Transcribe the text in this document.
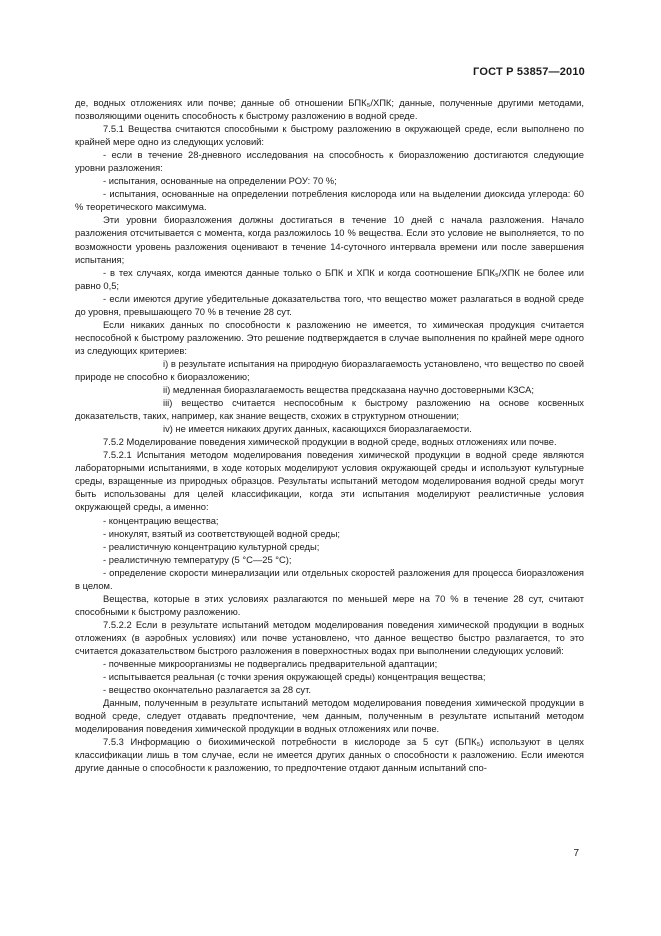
ГОСТ Р 53857—2010

де, водных отложениях или почве; данные об отношении БПК₅/ХПК; данные, полученные другими методами, позволяющими оценить способность к быстрому разложению в водной среде.

7.5.1 Вещества считаются способными к быстрому разложению в окружающей среде, если выполнено по крайней мере одно из следующих условий:

- если в течение 28-дневного исследования на способность к биоразложению достигаются следующие уровни разложения:

- испытания, основанные на определении РОУ: 70 %;

- испытания, основанные на определении потребления кислорода или на выделении диоксида углерода: 60 % теоретического максимума.

Эти уровни биоразложения должны достигаться в течение 10 дней с начала разложения. Начало разложения отсчитывается с момента, когда разложилось 10 % вещества. Если это условие не выполняется, то по возможности уровень разложения оценивают в течение 14-суточного интервала времени или после завершения испытания;

- в тех случаях, когда имеются данные только о БПК и ХПК и когда соотношение БПК₅/ХПК не более или равно 0,5;

- если имеются другие убедительные доказательства того, что вещество может разлагаться в водной среде до уровня, превышающего 70 % в течение 28 сут.

Если никаких данных по способности к разложению не имеется, то химическая продукция считается неспособной к быстрому разложению. Это решение подтверждается в случае выполнения по крайней мере одного из следующих критериев:

i) в результате испытания на природную биоразлагаемость установлено, что вещество по своей природе не способно к биоразложению;

ii) медленная биоразлагаемость вещества предсказана научно достоверными КЗСА;

iii) вещество считается неспособным к быстрому разложению на основе косвенных доказательств, таких, например, как знание веществ, схожих в структурном отношении;

iv) не имеется никаких других данных, касающихся биоразлагаемости.

7.5.2 Моделирование поведения химической продукции в водной среде, водных отложениях или почве.

7.5.2.1 Испытания методом моделирования поведения химической продукции в водной среде являются лабораторными испытаниями, в ходе которых моделируют условия окружающей среды и используют культурные среды, взращенные из природных образцов. Результаты испытаний методом моделирования водной среды могут быть использованы для целей классификации, когда эти испытания моделируют реалистичные условия окружающей среды, а именно:

- концентрацию вещества;

- инокулят, взятый из соответствующей водной среды;

- реалистичную концентрацию культурной среды;

- реалистичную температуру (5 °С—25 °С);

- определение скорости минерализации или отдельных скоростей разложения для процесса биоразложения в целом.

Вещества, которые в этих условиях разлагаются по меньшей мере на 70 % в течение 28 сут, считают способными к быстрому разложению.

7.5.2.2 Если в результате испытаний методом моделирования поведения химической продукции в водных отложениях (в аэробных условиях) или почве установлено, что данное вещество быстро разлагается, то это считается доказательством быстрого разложения в поверхностных водах при выполнении следующих условий:

- почвенные микроорганизмы не подвергались предварительной адаптации;

- испытывается реальная (с точки зрения окружающей среды) концентрация вещества;

- вещество окончательно разлагается за 28 сут.

Данным, полученным в результате испытаний методом моделирования поведения химической продукции в водной среде, следует отдавать предпочтение, чем данным, полученным в результате испытаний методом моделирования поведения химической продукции в водных отложениях или почве.

7.5.3 Информацию о биохимической потребности в кислороде за 5 сут (БПК₅) используют в целях классификации лишь в том случае, если не имеется других данных о способности к разложению. Если имеются другие данные о способности к разложению, то предпочтение отдают данным испытаний спо-

7
